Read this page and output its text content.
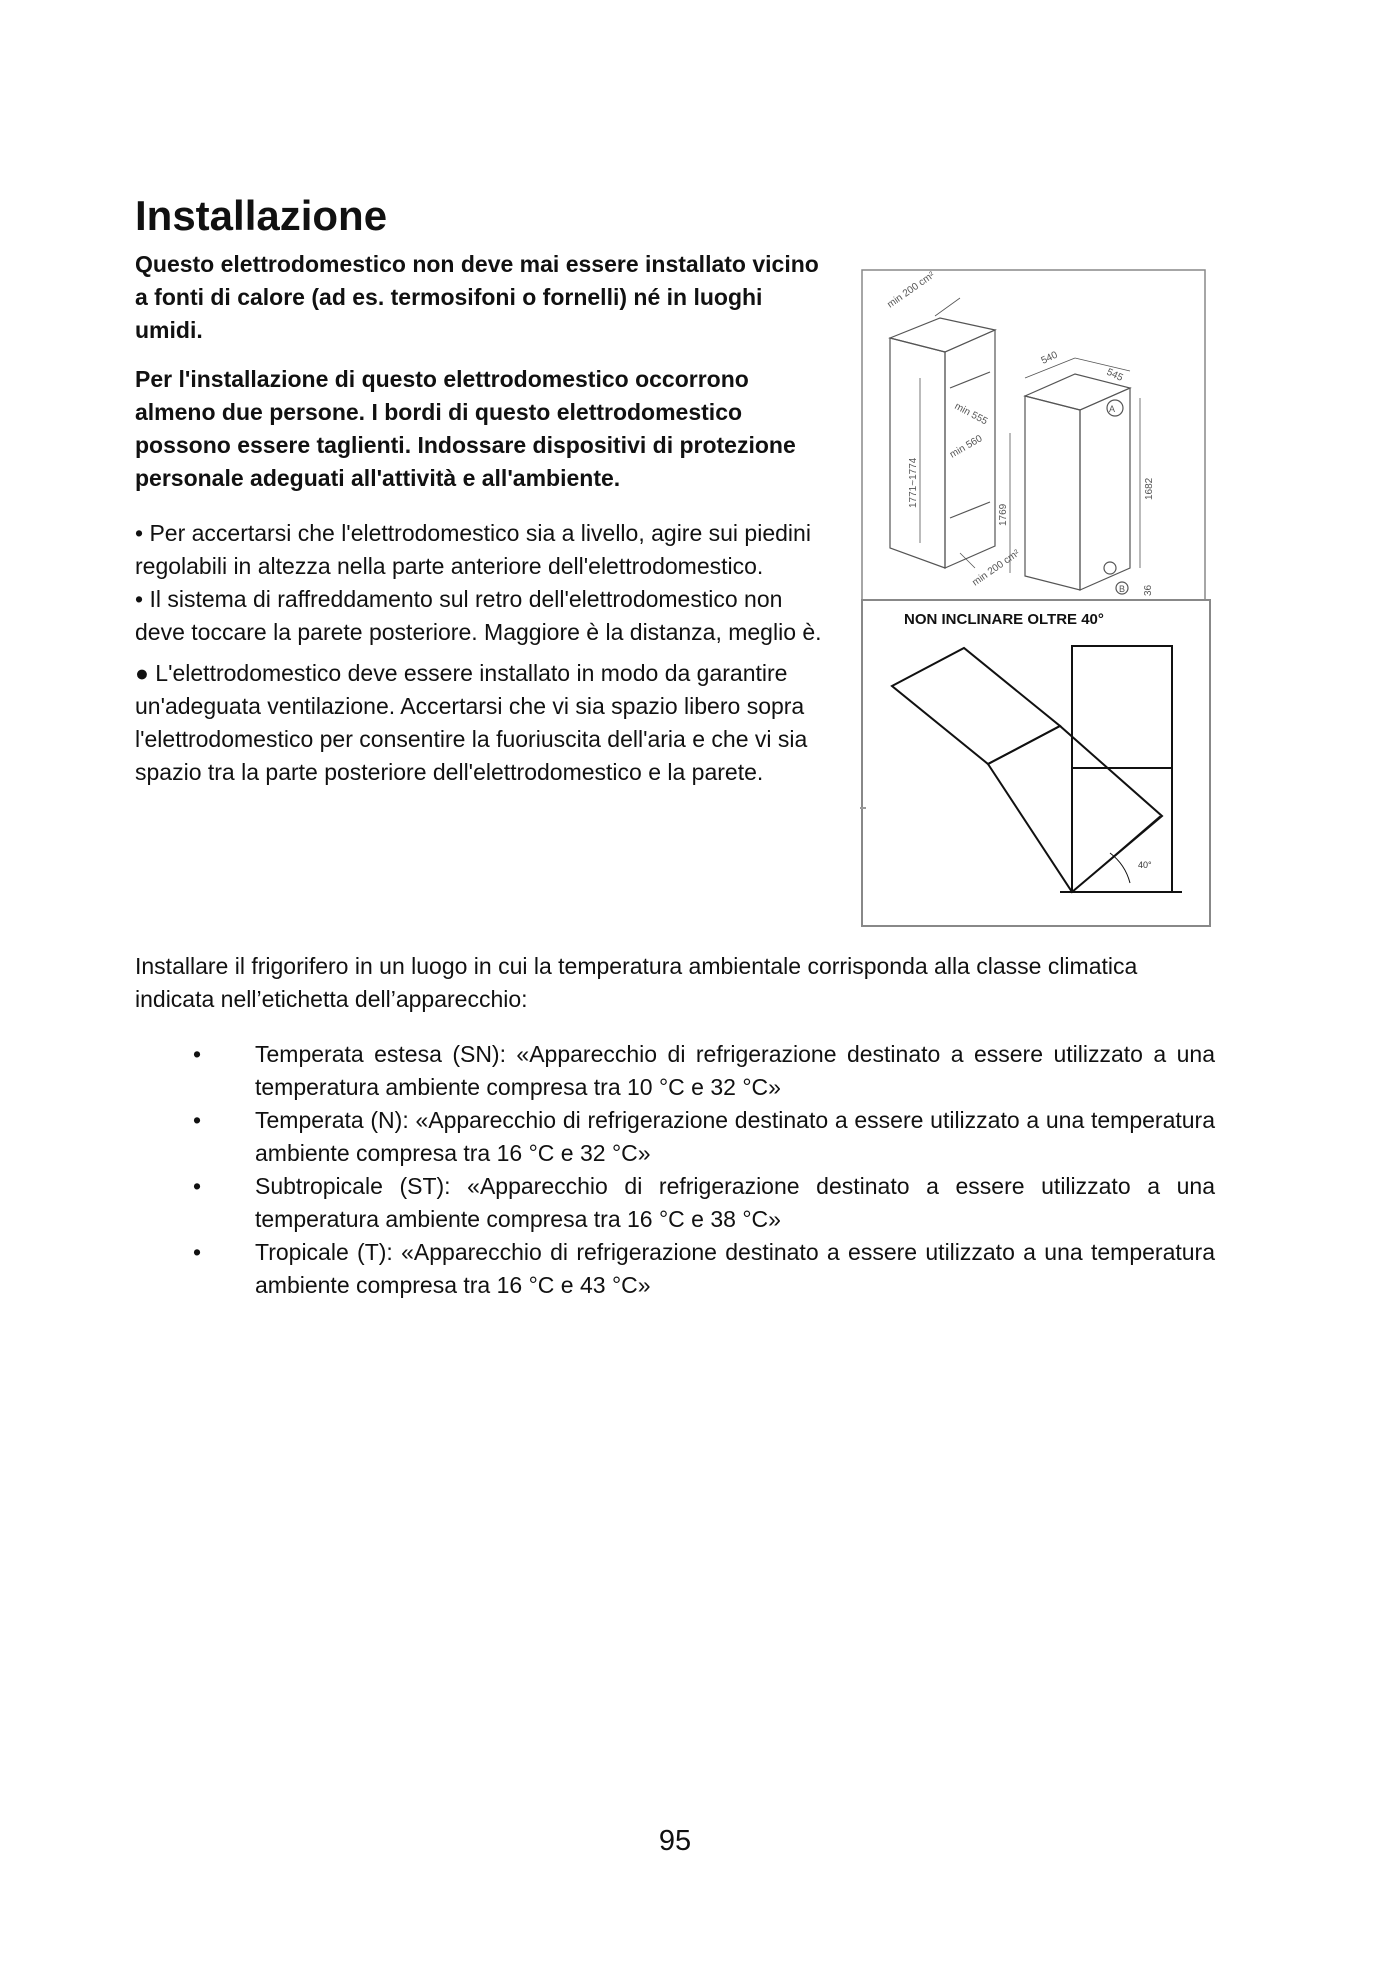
Installazione

Questo elettrodomestico non deve mai essere installato vicino a fonti di calore (ad es. termosifoni o fornelli) né in luoghi umidi.

Per l'installazione di questo elettrodomestico occorrono almeno due persone. I bordi di questo elettrodomestico possono essere taglienti. Indossare dispositivi di protezione personale adeguati all'attività e all'ambiente.

• Per accertarsi che l'elettrodomestico sia a livello, agire sui piedini regolabili in altezza nella parte anteriore dell'elettrodomestico.

• Il sistema di raffreddamento sul retro dell'elettrodomestico non deve toccare la parete posteriore. Maggiore è la distanza, meglio è.

● L'elettrodomestico deve essere installato in modo da garantire un'adeguata ventilazione. Accertarsi che vi sia spazio libero sopra l'elettrodomestico per consentire la fuoriuscita dell'aria e che vi sia spazio tra la parte posteriore dell'elettrodomestico e la parete.

min 200 cm²
min 200 cm²
min 555
min 560
1771~1774
540
545
1769
1682
36
A
B
NON INCLINARE OLTRE 40°
40°

Installare il frigorifero in un luogo in cui la temperatura ambientale corrisponda alla classe climatica indicata nell’etichetta dell’apparecchio:

• Temperata estesa (SN): «Apparecchio di refrigerazione destinato a essere utilizzato a una temperatura ambiente compresa tra 10 °C e 32 °C»
• Temperata (N): «Apparecchio di refrigerazione destinato a essere utilizzato a una temperatura ambiente compresa tra 16 °C e 32 °C»
• Subtropicale (ST): «Apparecchio di refrigerazione destinato a essere utilizzato a una temperatura ambiente compresa tra 16 °C e 38 °C»
• Tropicale (T): «Apparecchio di refrigerazione destinato a essere utilizzato a una temperatura ambiente compresa tra 16 °C e 43 °C»
95
